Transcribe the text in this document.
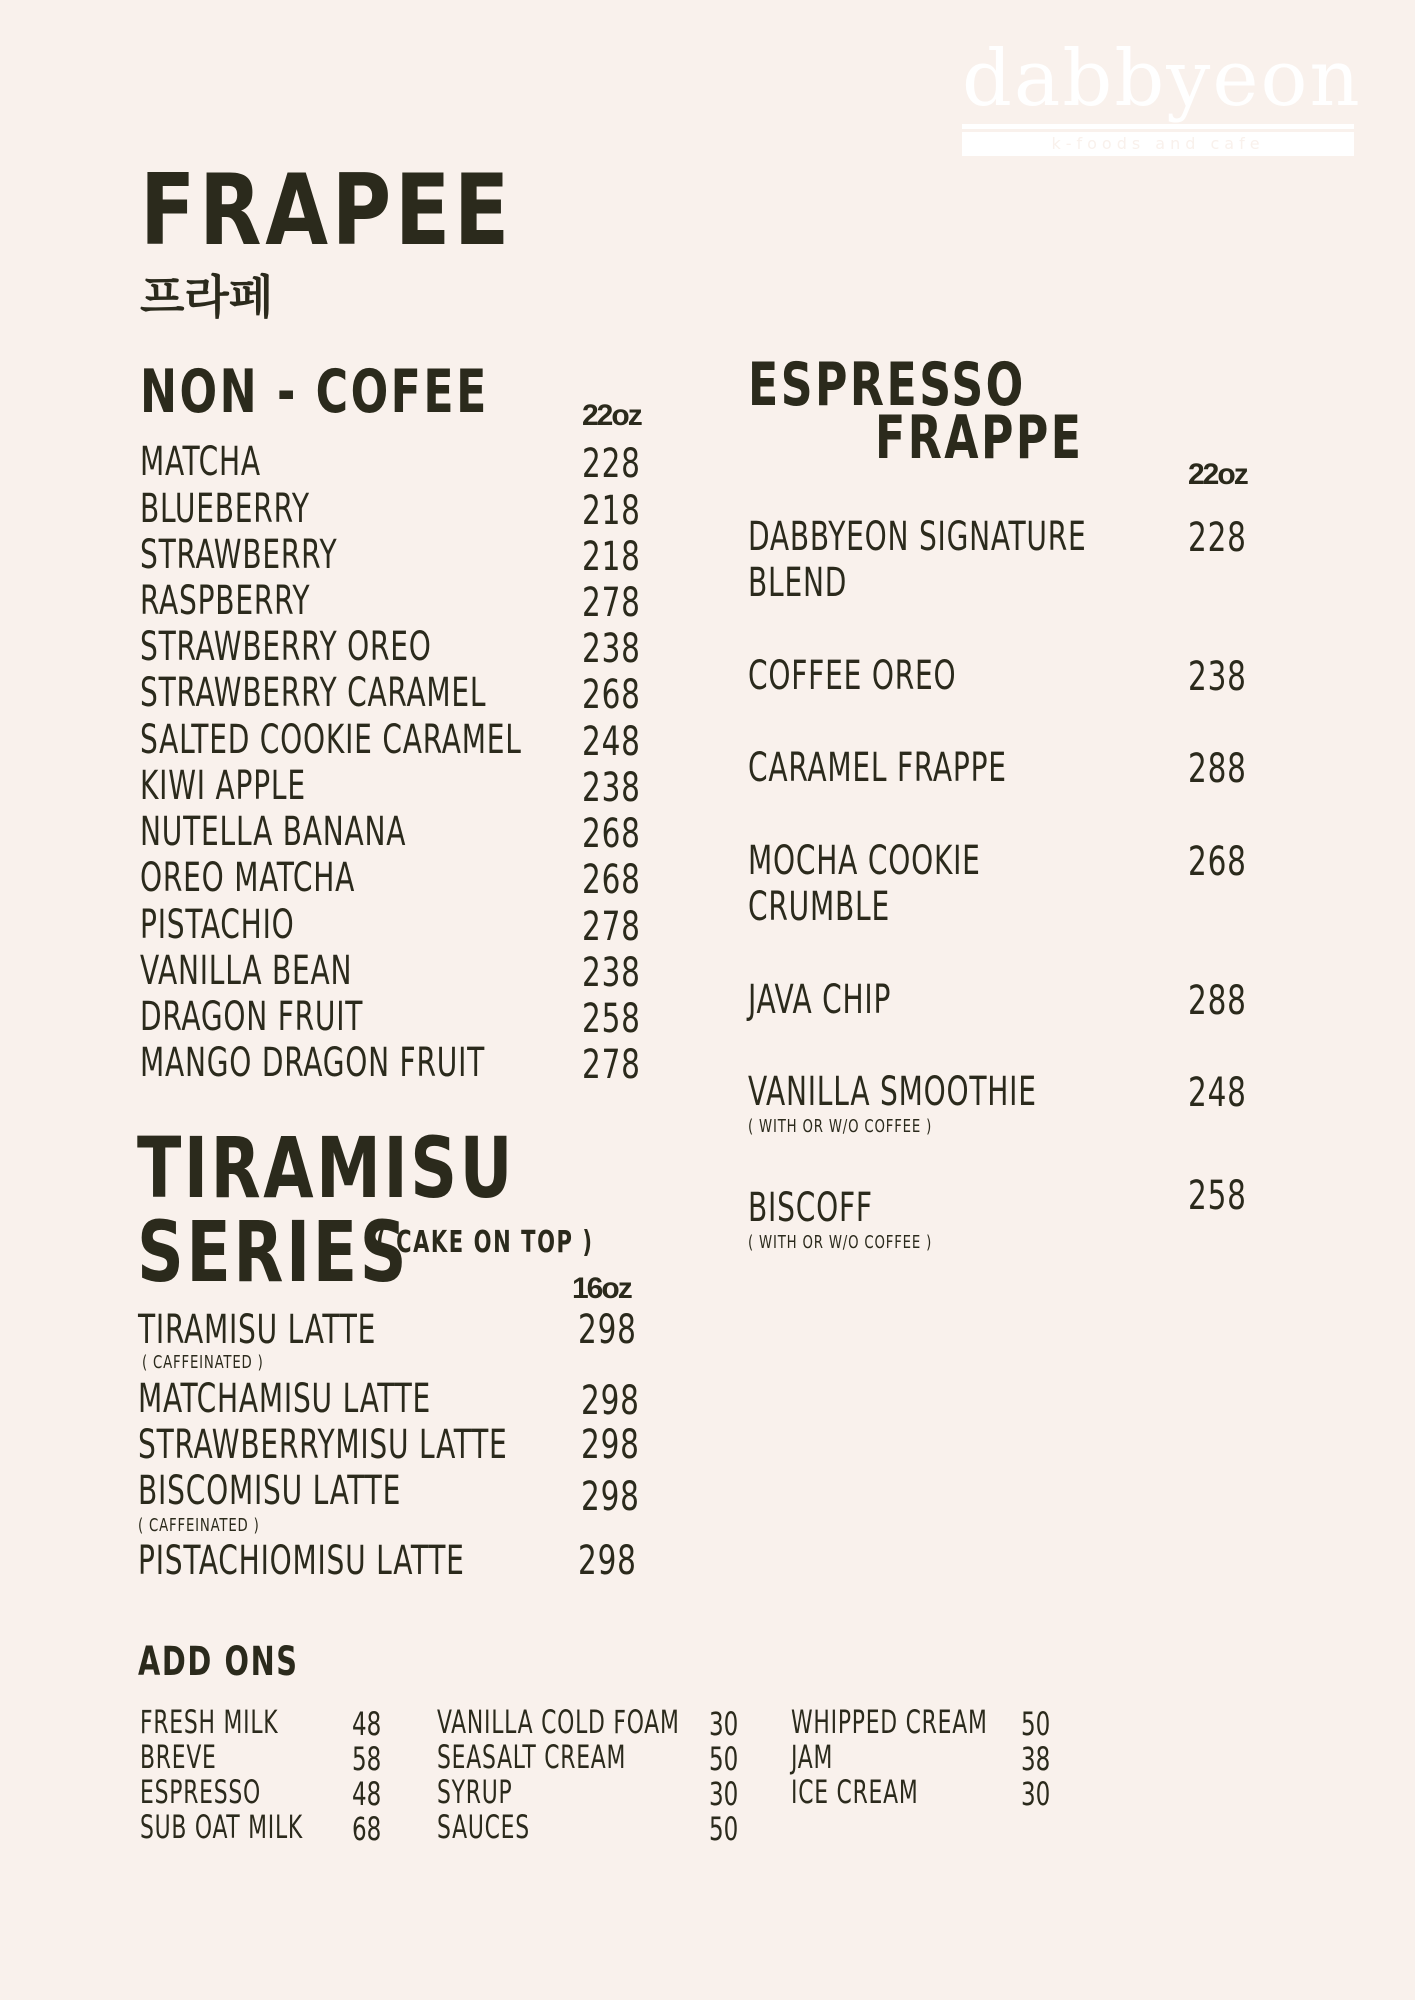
dabbyeon
k-foods and cafe
FRAPEE
프라페
NON - COFEE	22oz
MATCHA	228
BLUEBERRY	218
STRAWBERRY	218
RASPBERRY	278
STRAWBERRY OREO	238
STRAWBERRY CARAMEL 268
SALTED COOKIE CARAMEL 248
KIWI APPLE	238
NUTELLA BANANA	268
OREO MATCHA	268
PISTACHIO	278
VANILLA BEAN	238
DRAGON FRUIT	258
MANGO DRAGON FRUIT 278
ESPRESSO
FRAPPE
22oz
DABBYEON SIGNATURE
BLEND
228
COFFEE OREO	238
CARAMEL FRAPPE	288
MOCHA COOKIE
CRUMBLE
268
JAVA CHIP	288
VANILLA SMOOTHIE
( WITH OR W/O COFFEE )
248
BISCOFF
( WITH OR W/O COFFEE )
258
TIRAMISU
SERIES
( CAKE ON TOP )
16oz
TIRAMISU LATTE
( CAFFEINATED )
298
MATCHAMISU LATTE	298
STRAWBERRYMISU LATTE 298
BISCOMISU LATTE
( CAFFEINATED )
298
PISTACHIOMISU LATTE	298
ADD ONS
FRESH MILK 48
BREVE	58
ESPRESSO	48
SUB OAT MILK 68
VANILLA COLD FOAM 30
SEASALT CREAM	50
SYRUP	30
SAUCES	50
WHIPPED CREAM 50
JAM	38
ICE CREAM	30
